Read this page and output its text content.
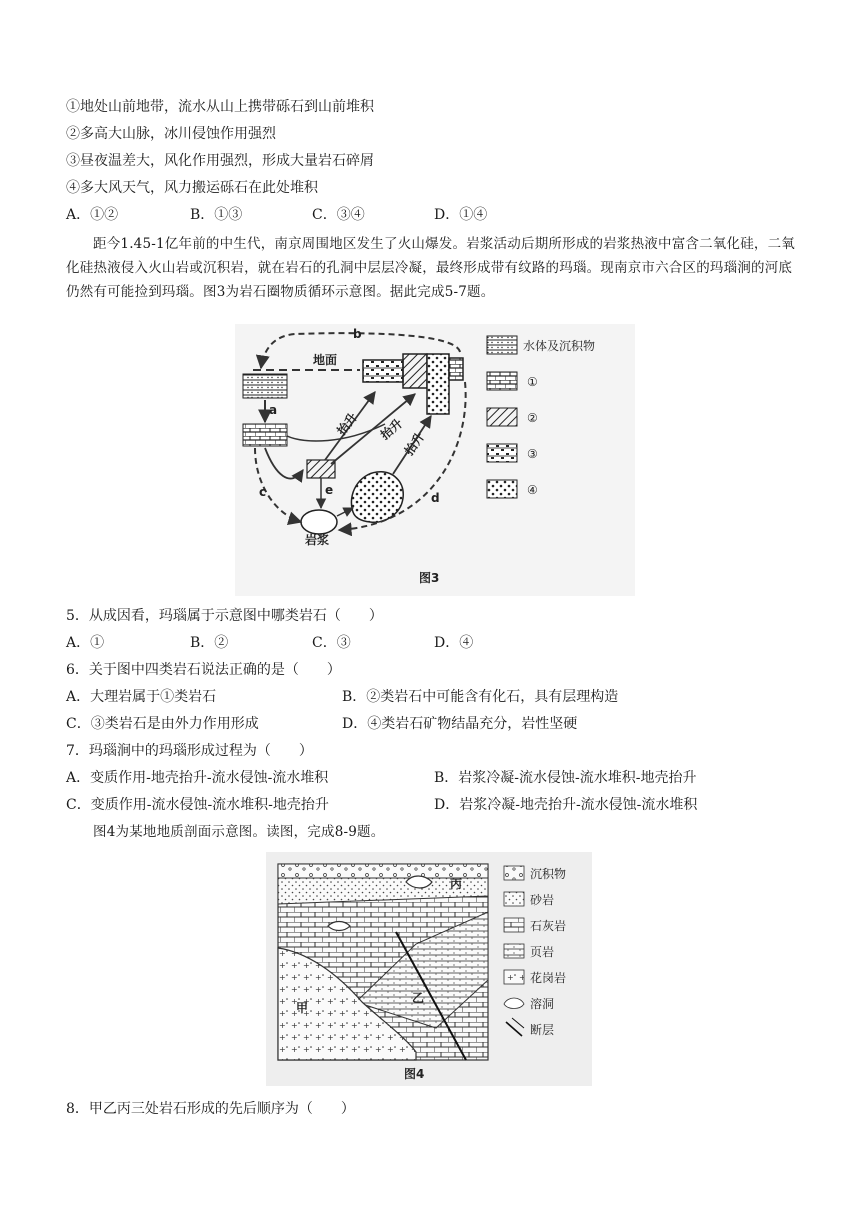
①地处山前地带，流水从山上携带砾石到山前堆积
②多高大山脉，冰川侵蚀作用强烈
③昼夜温差大，风化作用强烈，形成大量岩石碎屑
④多大风天气，风力搬运砾石在此处堆积
A．①②	B．①③	C．③④	D．①④
距今1.45-1亿年前的中生代，南京周围地区发生了火山爆发。岩浆活动后期所形成的岩浆热液中富含二氧化硅，二氧化硅热液侵入火山岩或沉积岩，就在岩石的孔洞中层层冷凝，最终形成带有纹路的玛瑙。现南京市六合区的玛瑙涧的河底仍然有可能捡到玛瑙。图3为岩石圈物质循环示意图。据此完成5-7题。
地面
b
a
岩浆
抬升 抬升
抬升
c	d
e
水体及沉积物
①
②
③
④
图3
5．从成因看，玛瑙属于示意图中哪类岩石（　　）
A．①	B．②	C．③	D．④
6．关于图中四类岩石说法正确的是（　　）
A．大理岩属于①类岩石	B．②类岩石中可能含有化石，具有层理构造
C．③类岩石是由外力作用形成	D．④类岩石矿物结晶充分，岩性坚硬
7．玛瑙涧中的玛瑙形成过程为（　　）
A．变质作用-地壳抬升-流水侵蚀-流水堆积	B．岩浆冷凝-流水侵蚀-流水堆积-地壳抬升
C．变质作用-流水侵蚀-流水堆积-地壳抬升	D．岩浆冷凝-地壳抬升-流水侵蚀-流水堆积
图4为某地地质剖面示意图。读图，完成8-9题。
甲
乙
丙
沉积物
砂岩
石灰岩
页岩
花岗岩
溶洞
断层
图4
8．甲乙丙三处岩石形成的先后顺序为（　　）
